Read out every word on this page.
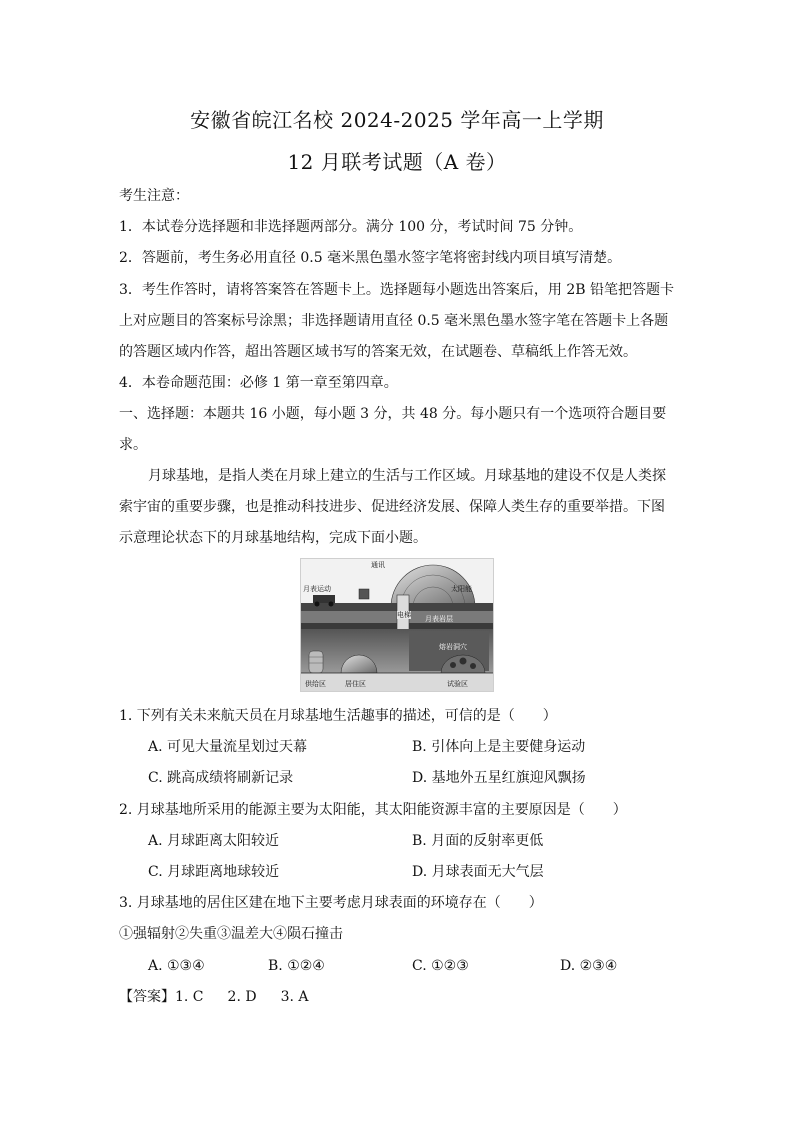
安徽省皖江名校 2024-2025 学年高一上学期
12 月联考试题（A 卷）
考生注意：
1．本试卷分选择题和非选择题两部分。满分 100 分，考试时间 75 分钟。
2．答题前，考生务必用直径 0.5 毫米黑色墨水签字笔将密封线内项目填写清楚。
3．考生作答时，请将答案答在答题卡上。选择题每小题选出答案后，用 2B 铅笔把答题卡
上对应题目的答案标号涂黑；非选择题请用直径 0.5 毫米黑色墨水签字笔在答题卡上各题
的答题区域内作答，超出答题区域书写的答案无效，在试题卷、草稿纸上作答无效。
4．本卷命题范围：必修 1 第一章至第四章。
一、选择题：本题共 16 小题，每小题 3 分，共 48 分。每小题只有一个选项符合题目要
求。
月球基地，是指人类在月球上建立的生活与工作区域。月球基地的建设不仅是人类探
索宇宙的重要步骤，也是推动科技进步、促进经济发展、保障人类生存的重要举措。下图
示意理论状态下的月球基地结构，完成下面小题。
通讯
月表运动	太阳能
电梯 月表岩层
熔岩洞穴
供给区	居住区	试验区
1. 下列有关未来航天员在月球基地生活趣事的描述，可信的是（　　）
A. 可见大量流星划过天幕	B. 引体向上是主要健身运动
C. 跳高成绩将刷新记录	D. 基地外五星红旗迎风飘扬
2. 月球基地所采用的能源主要为太阳能，其太阳能资源丰富的主要原因是（　　）
A. 月球距离太阳较近	B. 月面的反射率更低
C. 月球距离地球较近	D. 月球表面无大气层
3. 月球基地的居住区建在地下主要考虑月球表面的环境存在（　　）
①强辐射②失重③温差大④陨石撞击
A. ①③④	B. ①②④	C. ①②③	D. ②③④
【答案】1. C 2. D 3. A
